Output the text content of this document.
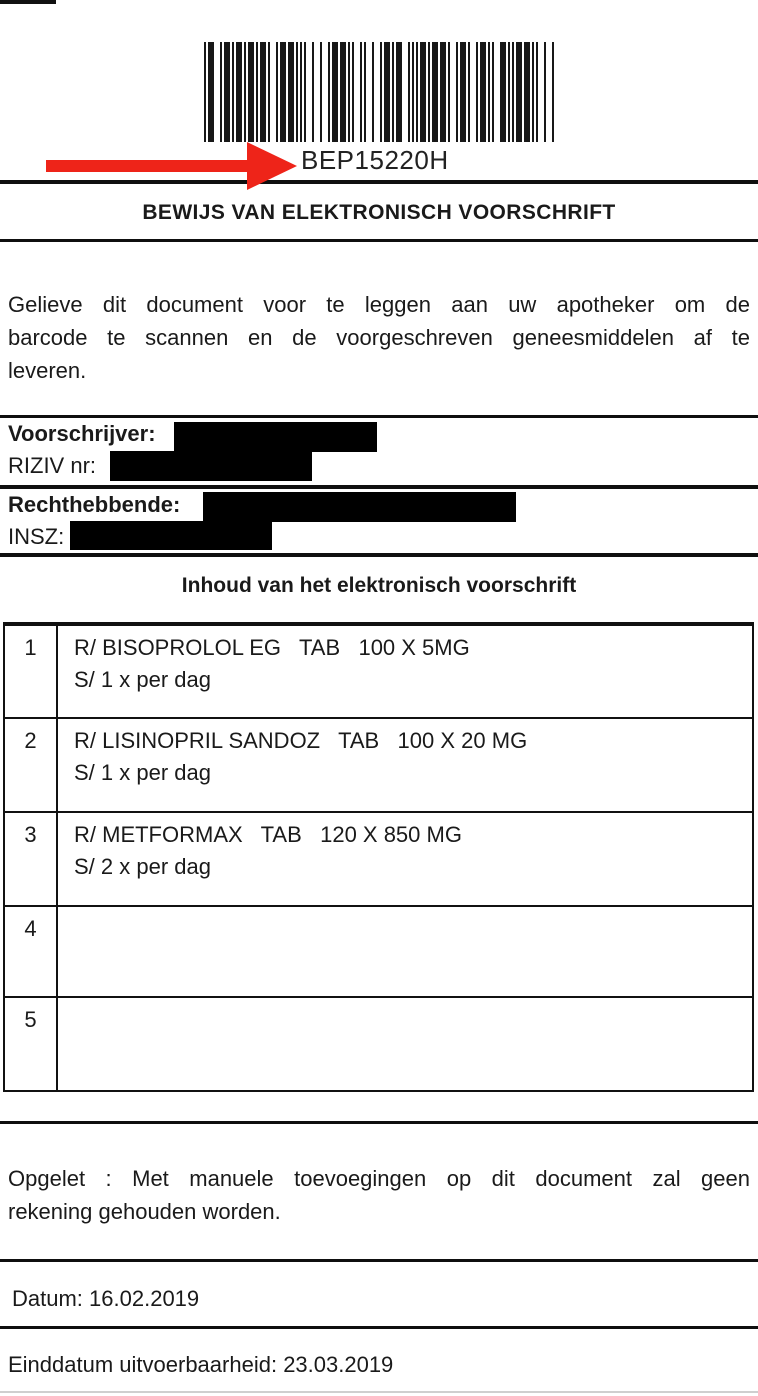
BEP15220H
BEWIJS VAN ELEKTRONISCH VOORSCHRIFT
Gelieve dit document voor te leggen aan uw apotheker om de
barcode te scannen en de voorgeschreven geneesmiddelen af te
leveren.
Voorschrijver:
RIZIV nr:
Rechthebbende:
INSZ:
Inhoud van het elektronisch voorschrift
1	R/ BISOPROLOL EG   TAB   100 X 5MG
S/ 1 x per dag
2	R/ LISINOPRIL SANDOZ   TAB   100 X 20 MG
S/ 1 x per dag
3	R/ METFORMAX   TAB   120 X 850 MG
S/ 2 x per dag
4
5
Opgelet : Met manuele toevoegingen op dit document zal geen
rekening gehouden worden.
Datum: 16.02.2019
Einddatum uitvoerbaarheid: 23.03.2019
